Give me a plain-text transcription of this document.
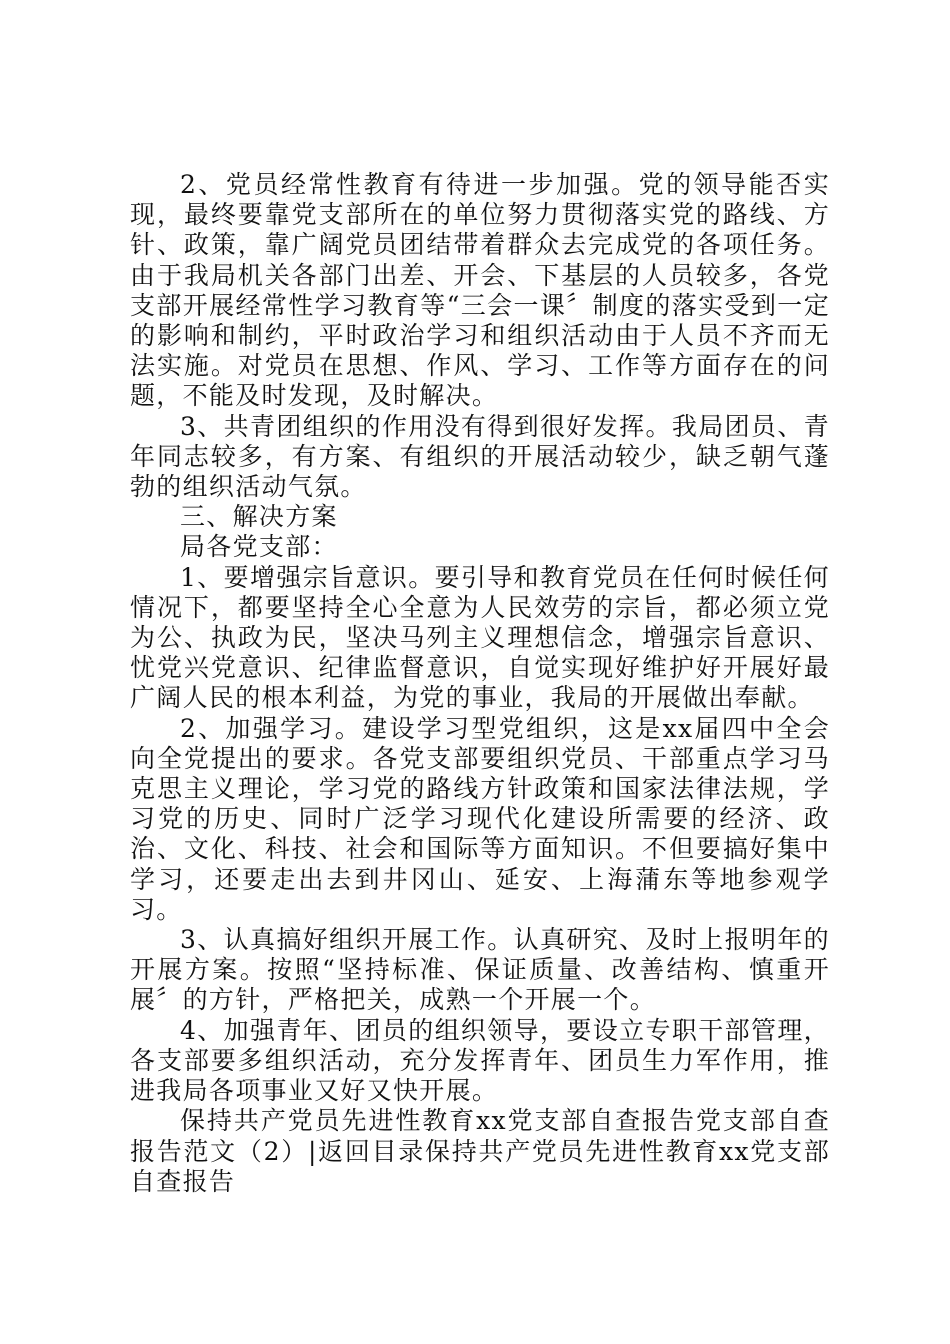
2、党员经常性教育有待进一步加强。党的领导能否实现，最终要靠党支部所在的单位努力贯彻落实党的路线、方针、政策，靠广阔党员团结带着群众去完成党的各项任务。由于我局机关各部门出差、开会、下基层的人员较多，各党支部开展经常性学习教育等“三会一课〞制度的落实受到一定的影响和制约，平时政治学习和组织活动由于人员不齐而无法实施。对党员在思想、作风、学习、工作等方面存在的问题，不能及时发现，及时解决。

3、共青团组织的作用没有得到很好发挥。我局团员、青年同志较多，有方案、有组织的开展活动较少，缺乏朝气蓬勃的组织活动气氛。

三、解决方案

局各党支部：

1、要增强宗旨意识。要引导和教育党员在任何时候任何情况下，都要坚持全心全意为人民效劳的宗旨，都必须立党为公、执政为民，坚决马列主义理想信念，增强宗旨意识、忧党兴党意识、纪律监督意识，自觉实现好维护好开展好最广阔人民的根本利益，为党的事业，我局的开展做出奉献。

2、加强学习。建设学习型党组织，这是xx届四中全会向全党提出的要求。各党支部要组织党员、干部重点学习马克思主义理论，学习党的路线方针政策和国家法律法规，学习党的历史、同时广泛学习现代化建设所需要的经济、政治、文化、科技、社会和国际等方面知识。不但要搞好集中学习，还要走出去到井冈山、延安、上海蒲东等地参观学习。

3、认真搞好组织开展工作。认真研究、及时上报明年的开展方案。按照“坚持标准、保证质量、改善结构、慎重开展〞的方针，严格把关，成熟一个开展一个。

4、加强青年、团员的组织领导，要设立专职干部管理，各支部要多组织活动，充分发挥青年、团员生力军作用，推进我局各项事业又好又快开展。

保持共产党员先进性教育xx党支部自查报告党支部自查报告范文（2）|返回目录保持共产党员先进性教育xx党支部自查报告
